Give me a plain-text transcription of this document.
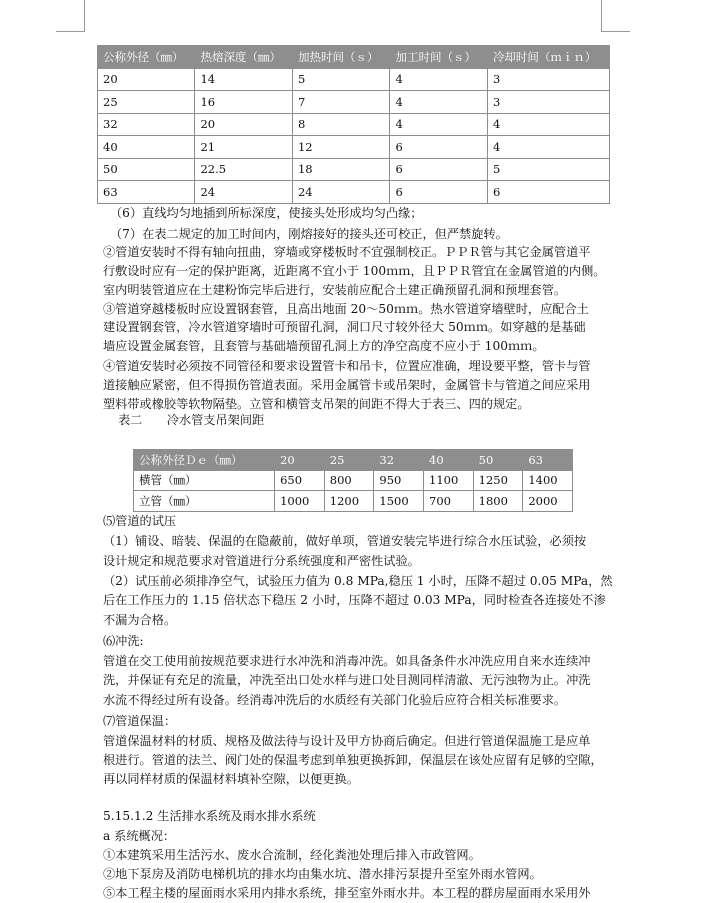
公称外径（㎜）	热熔深度（㎜）	加热时间（ｓ）	加工时间（ｓ）	冷却时间（ｍｉｎ）
20	14	5	4	3
25	16	7	4	3
32	20	8	4	4
40	21	12	6	4
50	22.5	18	6	5
63	24	24	6	6
（6）直线均匀地插到所标深度，使接头处形成均匀凸缘；
（7）在表二规定的加工时间内，刚熔接好的接头还可校正，但严禁旋转。
②管道安装时不得有轴向扭曲，穿墙或穿楼板时不宜强制校正。ＰＰＲ管与其它金属管道平
行敷设时应有一定的保护距离，近距离不宜小于 100ｍｍ，且ＰＰＲ管宜在金属管道的内侧。
室内明装管道应在土建粉饰完毕后进行，安装前应配合土建正确预留孔洞和预埋套管。
③管道穿越楼板时应设置钢套管，且高出地面 20～50ｍｍ。热水管道穿墙壁时，应配合土
建设置钢套管，冷水管道穿墙时可预留孔洞，洞口尺寸较外径大 50ｍｍ。如穿越的是基础
墙应设置金属套管，且套管与基础墙预留孔洞上方的净空高度不应小于 100ｍｍ。
④管道安装时必须按不同管径和要求设置管卡和吊卡，位置应准确，埋设要平整，管卡与管
道接触应紧密，但不得损伤管道表面。采用金属管卡或吊架时，金属管卡与管道之间应采用
塑料带或橡胶等软物隔垫。立管和横管支吊架的间距不得大于表三、四的规定。
表二　　冷水管支吊架间距
公称外径Ｄｅ（㎜）	20	25	32	40	50	63
横管（㎜）	650	800	950	1100	1250	1400
立管（㎜）	1000	1200	1500	700	1800	2000
⑸管道的试压
（1）铺设、暗装、保温的在隐蔽前，做好单项，管道安装完毕进行综合水压试验，必须按
设计规定和规范要求对管道进行分系统强度和严密性试验。
（2）试压前必须排净空气，试验压力值为 0.8 MPa,稳压 1 小时，压降不超过 0.05 MPa，然
后在工作压力的 1.15 倍状态下稳压 2 小时，压降不超过 0.03 MPa，同时检查各连接处不渗
不漏为合格。
⑹冲洗:
管道在交工使用前按规范要求进行水冲洗和消毒冲洗。如具备条件水冲洗应用自来水连续冲
洗，并保证有充足的流量，冲洗至出口处水样与进口处目测同样清澈、无污浊物为止。冲洗
水流不得经过所有设备。经消毒冲洗后的水质经有关部门化验后应符合相关标准要求。
⑺管道保温：
管道保温材料的材质、规格及做法待与设计及甲方协商后确定。但进行管道保温施工是应单
根进行。管道的法兰、阀门处的保温考虑到单独更换拆卸，保温层在该处应留有足够的空隙，
再以同样材质的保温材料填补空隙，以便更换。
5.15.1.2 生活排水系统及雨水排水系统
a 系统概况：
①本建筑采用生活污水、废水合流制，经化粪池处理后排入市政管网。
②地下泵房及消防电梯机坑的排水均由集水坑、潜水排污泵提升至室外雨水管网。
⑤本工程主楼的屋面雨水采用内排水系统，排至室外雨水井。本工程的群房屋面雨水采用外
